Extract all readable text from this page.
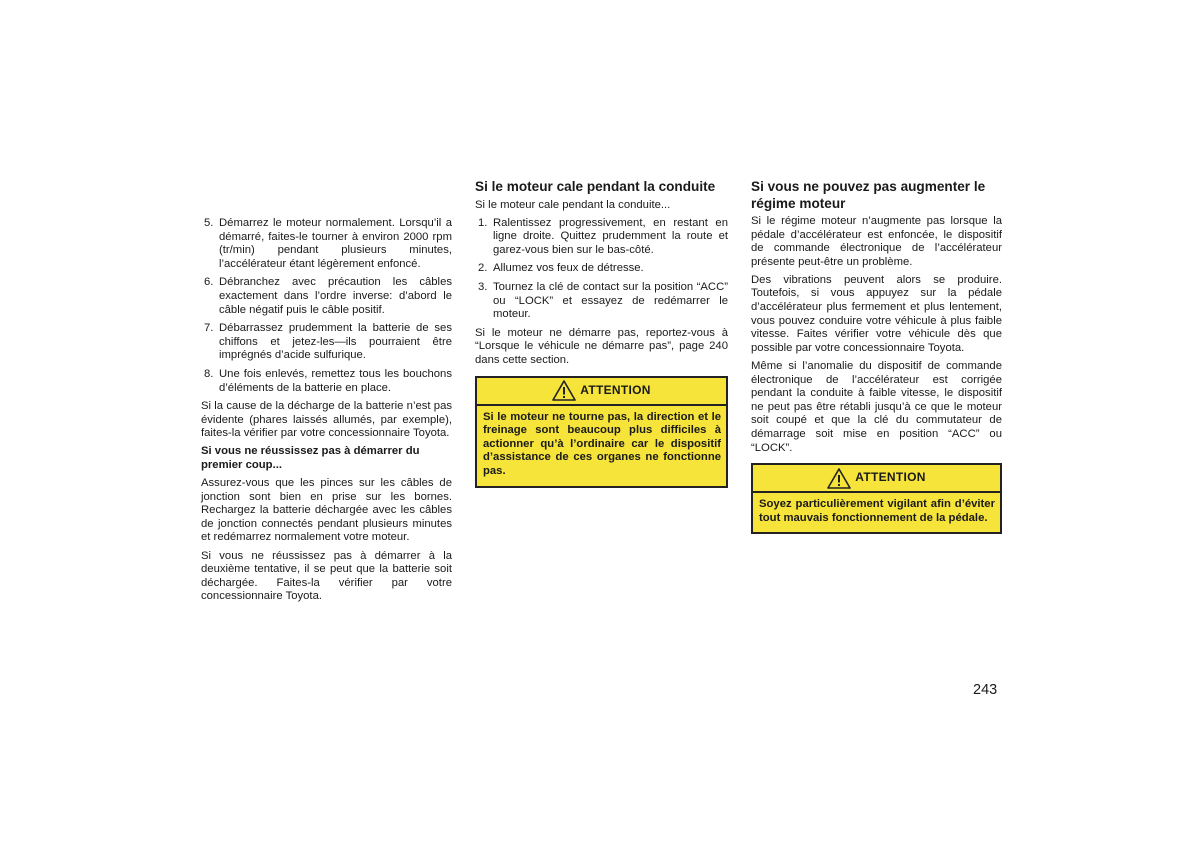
5. Démarrez le moteur normalement. Lorsqu’il a démarré, faites-le tourner à environ 2000 rpm (tr/min) pendant plusieurs minutes, l’accélérateur étant légèrement enfoncé.
6. Débranchez avec précaution les câbles exactement dans l’ordre inverse: d’abord le câble négatif puis le câble positif.
7. Débarrassez prudemment la batterie de ses chiffons et jetez-les—ils pourraient être imprégnés d’acide sulfurique.
8. Une fois enlevés, remettez tous les bouchons d’éléments de la batterie en place.

Si la cause de la décharge de la batterie n’est pas évidente (phares laissés allumés, par exemple), faites-la vérifier par votre concessionnaire Toyota.

Si vous ne réussissez pas à démarrer du premier coup...

Assurez-vous que les pinces sur les câbles de jonction sont bien en prise sur les bornes. Rechargez la batterie déchargée avec les câbles de jonction connectés pendant plusieurs minutes et redémarrez normalement votre moteur.

Si vous ne réussissez pas à démarrer à la deuxième tentative, il se peut que la batterie soit déchargée. Faites-la vérifier par votre concessionnaire Toyota.

Si le moteur cale pendant la conduite

Si le moteur cale pendant la conduite...

1. Ralentissez progressivement, en restant en ligne droite. Quittez prudemment la route et garez-vous bien sur le bas-côté.
2. Allumez vos feux de détresse.
3. Tournez la clé de contact sur la position “ACC” ou “LOCK” et essayez de redémarrer le moteur.

Si le moteur ne démarre pas, reportez-vous à “Lorsque le véhicule ne démarre pas”, page 240 dans cette section.

ATTENTION
Si le moteur ne tourne pas, la direction et le freinage sont beaucoup plus difficiles à actionner qu’à l’ordinaire car le dispositif d’assistance de ces organes ne fonctionne pas.
Si vous ne pouvez pas augmenter le régime moteur

Si le régime moteur n’augmente pas lorsque la pédale d’accélérateur est enfoncée, le dispositif de commande électronique de l’accélérateur présente peut-être un problème.

Des vibrations peuvent alors se produire. Toutefois, si vous appuyez sur la pédale d’accélérateur plus fermement et plus lentement, vous pouvez conduire votre véhicule à plus faible vitesse. Faites vérifier votre véhicule dès que possible par votre concessionnaire Toyota.

Même si l’anomalie du dispositif de commande électronique de l’accélérateur est corrigée pendant la conduite à faible vitesse, le dispositif ne peut pas être rétabli jusqu’à ce que le moteur soit coupé et que la clé du commutateur de démarrage soit mise en position “ACC” ou “LOCK”.

ATTENTION
Soyez particulièrement vigilant afin d’éviter tout mauvais fonctionnement de la pédale.
243
